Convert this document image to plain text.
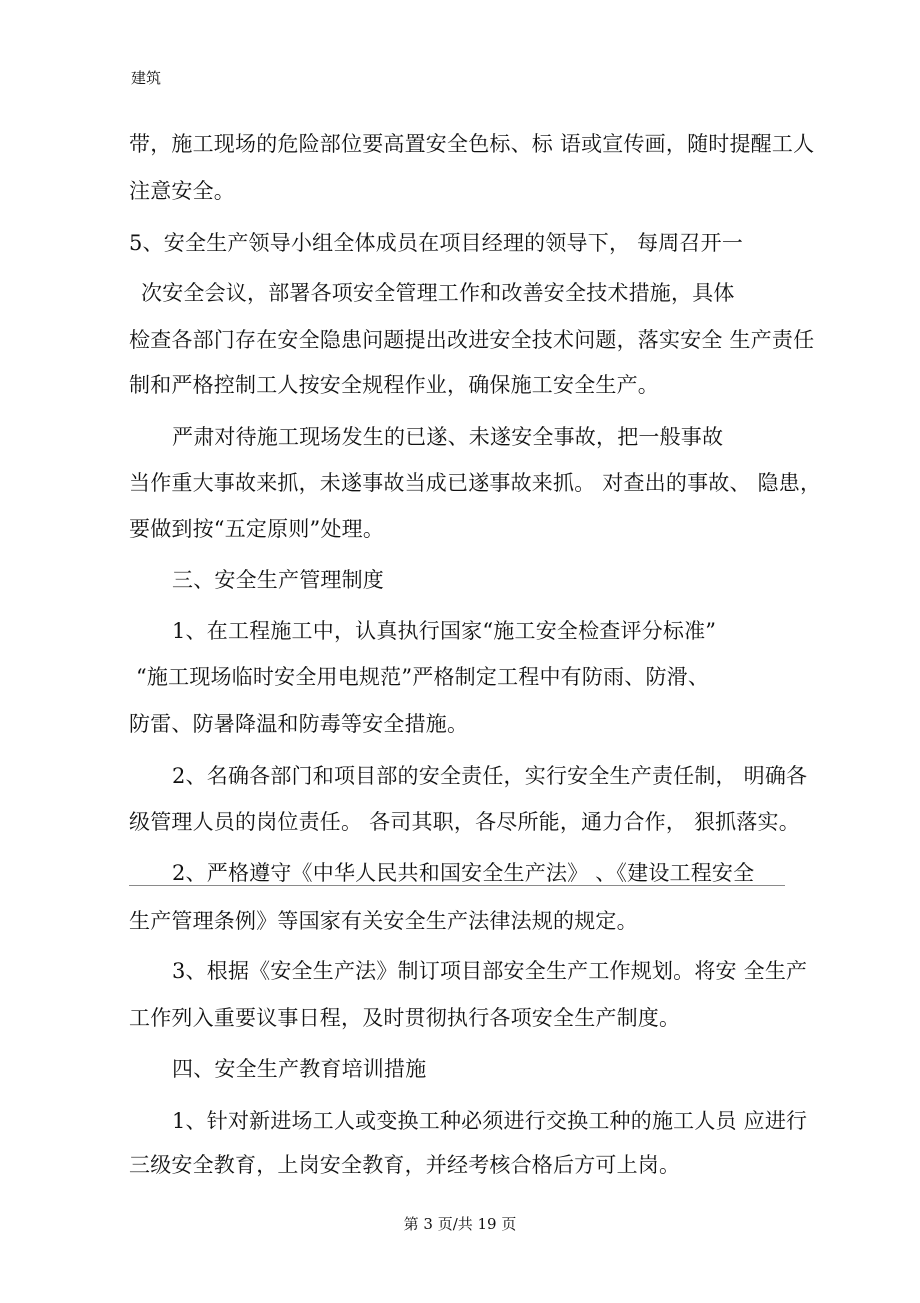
建筑
带，施工现场的危险部位要高置安全色标、标 语或宣传画，随时提醒工人
注意安全。
5、安全生产领导小组全体成员在项目经理的领导下， 每周召开一
次安全会议，部署各项安全管理工作和改善安全技术措施，具体
检查各部门存在安全隐患问题提出改进安全技术问题，落实安全 生产责任
制和严格控制工人按安全规程作业，确保施工安全生产。
严肃对待施工现场发生的已遂、未遂安全事故，把一般事故
当作重大事故来抓，未遂事故当成已遂事故来抓。 对查出的事故、 隐患，
要做到按“五定原则”处理。
三、安全生产管理制度
1、在工程施工中，认真执行国家“施工安全检查评分标准”
“施工现场临时安全用电规范”严格制定工程中有防雨、防滑、
防雷、防暑降温和防毒等安全措施。
2、名确各部门和项目部的安全责任，实行安全生产责任制， 明确各
级管理人员的岗位责任。 各司其职，各尽所能，通力合作， 狠抓落实。
2、严格遵守《中华人民共和国安全生产法》 、《建设工程安全
生产管理条例》等国家有关安全生产法律法规的规定。
3、根据《安全生产法》制订项目部安全生产工作规划。将安 全生产
工作列入重要议事日程，及时贯彻执行各项安全生产制度。
四、安全生产教育培训措施
1、针对新进场工人或变换工种必须进行交换工种的施工人员 应进行
三级安全教育，上岗安全教育，并经考核合格后方可上岗。
第 3 页/共 19 页
